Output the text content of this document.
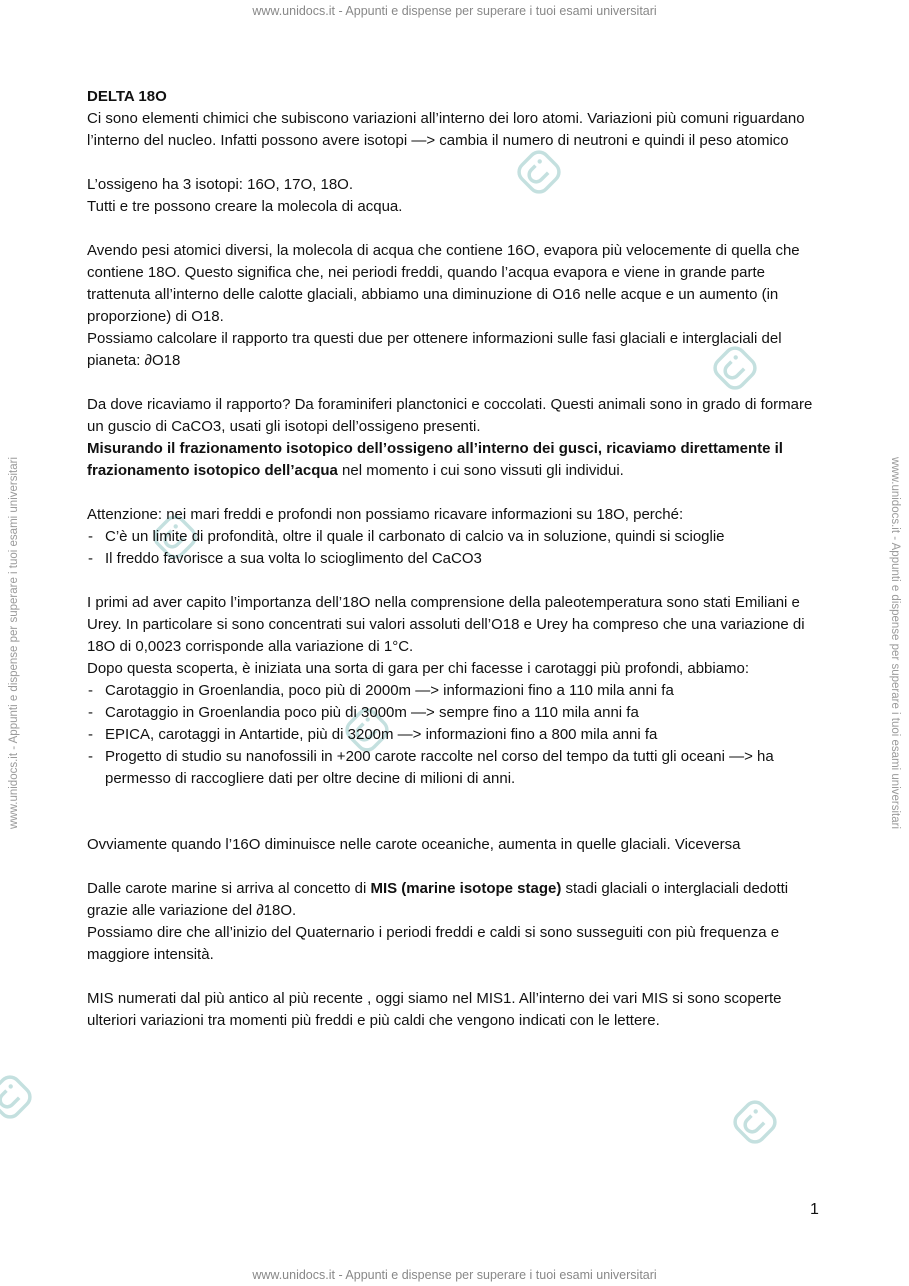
www.unidocs.it - Appunti e dispense per superare i tuoi esami universitari
www.unidocs.it - Appunti e dispense per superare i tuoi esami universitari
www.unidocs.it - Appunti e dispense per superare i tuoi esami universitari	www.unidocs.it - Appunti e dispense per superare i tuoi esami universitari

DELTA 18O

Ci sono elementi chimici che subiscono variazioni all’interno dei loro atomi. Variazioni più comuni riguardano l’interno del nucleo. Infatti possono avere isotopi —> cambia il numero di neutroni e quindi il peso atomico

L’ossigeno ha 3 isotopi: 16O, 17O, 18O.

Tutti e tre possono creare la molecola di acqua.

Avendo pesi atomici diversi, la molecola di acqua che contiene 16O, evapora più velocemente di quella che contiene 18O. Questo significa che, nei periodi freddi, quando l’acqua evapora e viene in grande parte trattenuta all’interno delle calotte glaciali, abbiamo una diminuzione di O16 nelle acque e un aumento (in proporzione) di O18.

Possiamo calcolare il rapporto tra questi due per ottenere informazioni sulle fasi glaciali e interglaciali del pianeta: ∂O18

Da dove ricaviamo il rapporto? Da foraminiferi planctonici e coccolati. Questi animali sono in grado di formare un guscio di CaCO3, usati gli isotopi dell’ossigeno presenti.

Misurando il frazionamento isotopico dell’ossigeno all’interno dei gusci, ricaviamo direttamente il frazionamento isotopico dell’acqua nel momento i cui sono vissuti gli individui.

Attenzione: nei mari freddi e profondi non possiamo ricavare informazioni su 18O, perché:

- C’è un limite di profondità, oltre il quale il carbonato di calcio va in soluzione, quindi si scioglie
- Il freddo favorisce a sua volta lo scioglimento del CaCO3

I primi ad aver capito l’importanza dell’18O nella comprensione della paleotemperatura sono stati Emiliani e Urey. In particolare si sono concentrati sui valori assoluti dell’O18 e Urey ha compreso che una variazione di 18O di 0,0023 corrisponde alla variazione di 1°C.

Dopo questa scoperta, è iniziata una sorta di gara per chi facesse i carotaggi più profondi, abbiamo:

- Carotaggio in Groenlandia, poco più di 2000m —> informazioni fino a 110 mila anni fa
- Carotaggio in Groenlandia poco più di 3000m —> sempre fino a 110 mila anni fa
- EPICA, carotaggi in Antartide, più di 3200m —> informazioni fino a 800 mila anni fa
- Progetto di studio su nanofossili in +200 carote raccolte nel corso del tempo da tutti gli oceani —> ha permesso di raccogliere dati per oltre decine di milioni di anni.

Ovviamente quando l’16O diminuisce nelle carote oceaniche, aumenta in quelle glaciali. Viceversa

Dalle carote marine si arriva al concetto di MIS (marine isotope stage) stadi glaciali o interglaciali dedotti grazie alle variazione del ∂18O.

Possiamo dire che all’inizio del Quaternario i periodi freddi e caldi si sono susseguiti con più frequenza e maggiore intensità.

MIS numerati dal più antico al più recente , oggi siamo nel MIS1. All’interno dei vari MIS si sono scoperte ulteriori variazioni tra momenti più freddi e più caldi che vengono indicati con le lettere.

1
